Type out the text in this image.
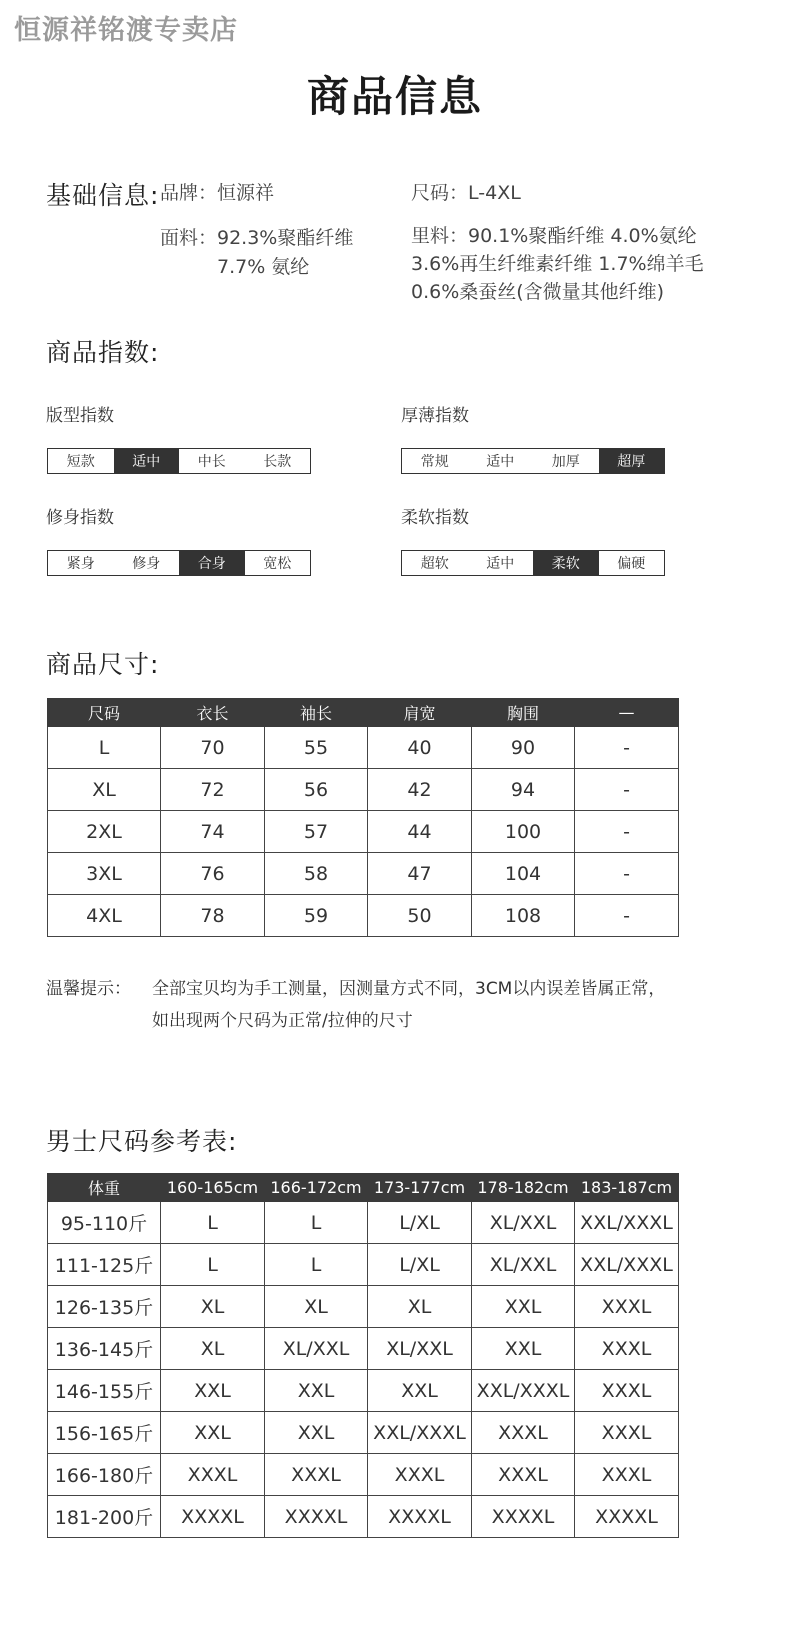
恒源祥铭渡专卖店
商品信息
基础信息: 品牌：恒源祥	尺码：L-4XL
面料：92.3%聚酯纤维
7.7% 氨纶
里料：90.1%聚酯纤维 4.0%氨纶
3.6%再生纤维素纤维 1.7%绵羊毛
0.6%桑蚕丝(含微量其他纤维)
商品指数:
版型指数
短款	适中	中长	长款
厚薄指数
常规	适中	加厚	超厚
修身指数
紧身	修身	合身	宽松
柔软指数
超软	适中	柔软	偏硬
商品尺寸:
尺码	衣长	袖长	肩宽	胸围	—
L	70	55	40	90	-
XL	72	56	42	94	-
2XL	74	57	44	100	-
3XL	76	58	47	104	-
4XL	78	59	50	108	-
温馨提示： 全部宝贝均为手工测量，因测量方式不同，3CM以内误差皆属正常，
如出现两个尺码为正常/拉伸的尺寸
男士尺码参考表:
体重	160-165cm	166-172cm	173-177cm	178-182cm	183-187cm
95-110斤	L	L	L/XL	XL/XXL	XXL/XXXL
111-125斤	L	L	L/XL	XL/XXL	XXL/XXXL
126-135斤	XL	XL	XL	XXL	XXXL
136-145斤	XL	XL/XXL	XL/XXL	XXL	XXXL
146-155斤	XXL	XXL	XXL	XXL/XXXL	XXXL
156-165斤	XXL	XXL	XXL/XXXL	XXXL	XXXL
166-180斤	XXXL	XXXL	XXXL	XXXL	XXXL
181-200斤	XXXXL	XXXXL	XXXXL	XXXXL	XXXXL
